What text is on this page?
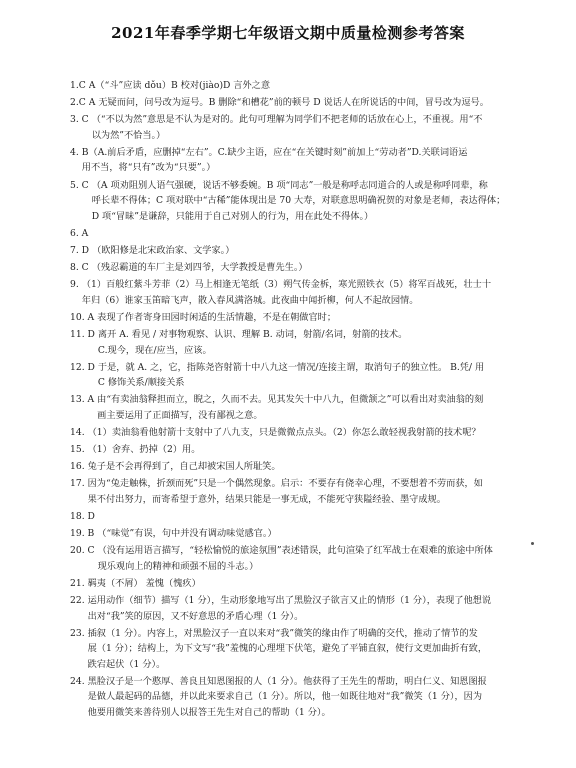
2021年春季学期七年级语文期中质量检测参考答案
1.C A（“斗”应读 dǒu）B 校对(jiào)D 言外之意
2.C A 无疑而问，问号改为逗号。B 删除“和槽花”前的顿号 D 说话人在所说话的中间，冒号改为逗号。
3. C （“不以为然”意思是不认为是对的。此句可理解为同学们不把老师的话放在心上，不重视。用“不
以为然”不恰当。）
4. B（A.前后矛盾，应删掉“左右”。C.缺少主语，应在“在关键时刻”前加上“劳动者”D.关联词语运
用不当，将“只有”改为“只要”。）
5. C （A 项劝阻别人语气强硬，说话不够委婉。B 项“同志”一般是称呼志同道合的人或是称呼同辈，称
呼长辈不得体；C 项对联中“古稀”能体现出是 70 大寿，对联意思明确祝贺的对象是老师，表达得体；
D 项“冒昧”是谦辞，只能用于自己对别人的行为，用在此处不得体。）
6. A

7. D （欧阳修是北宋政治家、文学家。）
8. C （残忍霸道的车厂主是刘四爷，大学教授是曹先生。）
9. （1）百般红紫斗芳菲（2）马上相逢无笔纸（3）朔气传金柝，寒光照铁衣（5）将军百战死，壮士十
年归（6）谁家玉笛暗飞声，散入春风满洛城。此夜曲中闻折柳，何人不起故园情。
10. A 表现了作者寄身田园时闲适的生活情趣，不是在朝做官时；
11. D 离开 A. 看见 / 对事物观察、认识、理解 B. 动词，射箭/名词，射箭的技术。
C.现今，现在/应当，应该。
12. D 于是，就 A. 之，它，指陈尧咨射箭十中八九这一情况/连接主谓，取消句子的独立性。 B.凭/ 用
C 修饰关系/顺接关系
13. A 由“有卖油翁释担而立，睨之，久而不去。见其发矢十中八九，但微颔之”可以看出对卖油翁的刻
画主要运用了正面描写，没有鄙视之意。
14. （1）卖油翁看他射箭十支射中了八九支，只是微微点点头。（2）你怎么敢轻视我射箭的技术呢？
15. （1）舍弃、扔掉（2）用。
16. 兔子是不会再得到了，自己却被宋国人所耻笑。
17. 因为“兔走触株，折颈而死”只是一个偶然现象。启示：不要存有侥幸心理，不要想着不劳而获，如
果不付出努力，而寄希望于意外，结果只能是一事无成，不能死守狭隘经验、墨守成规。
18. D

19. B （“味觉”有误，句中并没有调动味觉感官。）
20. C （没有运用语言描写，“轻松愉悦的旅途氛围”表述错误，此句渲染了红军战士在艰难的旅途中所体
现乐观向上的精神和顽强不屈的斗志。）
21. 羁夷（不屑） 羞愧（愧疚）
22. 运用动作（细节）描写（1 分），生动形象地写出了黑脸汉子欲言又止的情形（1 分），表现了他想说
出对“我”笑的原因，又不好意思的矛盾心理（1 分）。
23. 插叙（1 分）。内容上，对黑脸汉子一直以来对“我”微笑的缘由作了明确的交代，推动了情节的发
展（1 分）；结构上，为下文写“我”羞愧的心理埋下伏笔，避免了平铺直叙，使行文更加曲折有致，
跌宕起伏（1 分）。
24. 黑脸汉子是一个憨厚、善良且知恩图报的人（1 分）。他获得了王先生的帮助，明白仁义、知恩图报
是做人最起码的品德，并以此来要求自己（1 分）。所以，他一如既往地对“我”微笑（1 分），因为
他要用微笑来善待别人以报答王先生对自己的帮助（1 分）。
